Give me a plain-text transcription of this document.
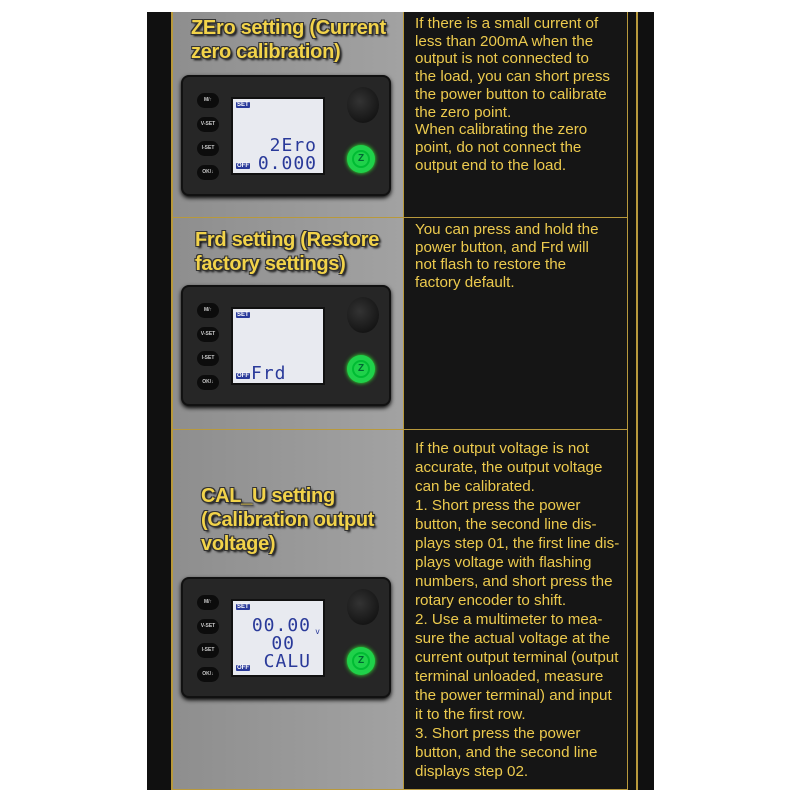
ZEro setting (Current
zero calibration)
M/↑
V-SET
I-SET
OK/↓
SET
OFF
2Ero
0.000	Z
If there is a small current of
less than 200mA when the
output is not connected to
the load, you can short press
the power button to calibrate
the zero point.
When calibrating the zero
point, do not connect the
output end to the load.
Frd setting (Restore
factory settings)
M/↑
V-SET
I-SET
OK/↓
SET
OFF Frd	Z
You can press and hold the
power button, and Frd will
not flash to restore the
factory default.
CAL_U setting
(Calibration output
voltage)
M/↑
V-SET
I-SET
OK/↓
SET
OFF
00.00 v
00
CALU	Z
If the output voltage is not
accurate, the output voltage
can be calibrated.
1. Short press the power
button, the second line dis-
plays step 01, the first line dis-
plays voltage with flashing
numbers, and short press the
rotary encoder to shift.
2. Use a multimeter to mea-
sure the actual voltage at the
current output terminal (output
terminal unloaded, measure
the power terminal) and input
it to the first row.
3. Short press the power
button, and the second line
displays step 02.
